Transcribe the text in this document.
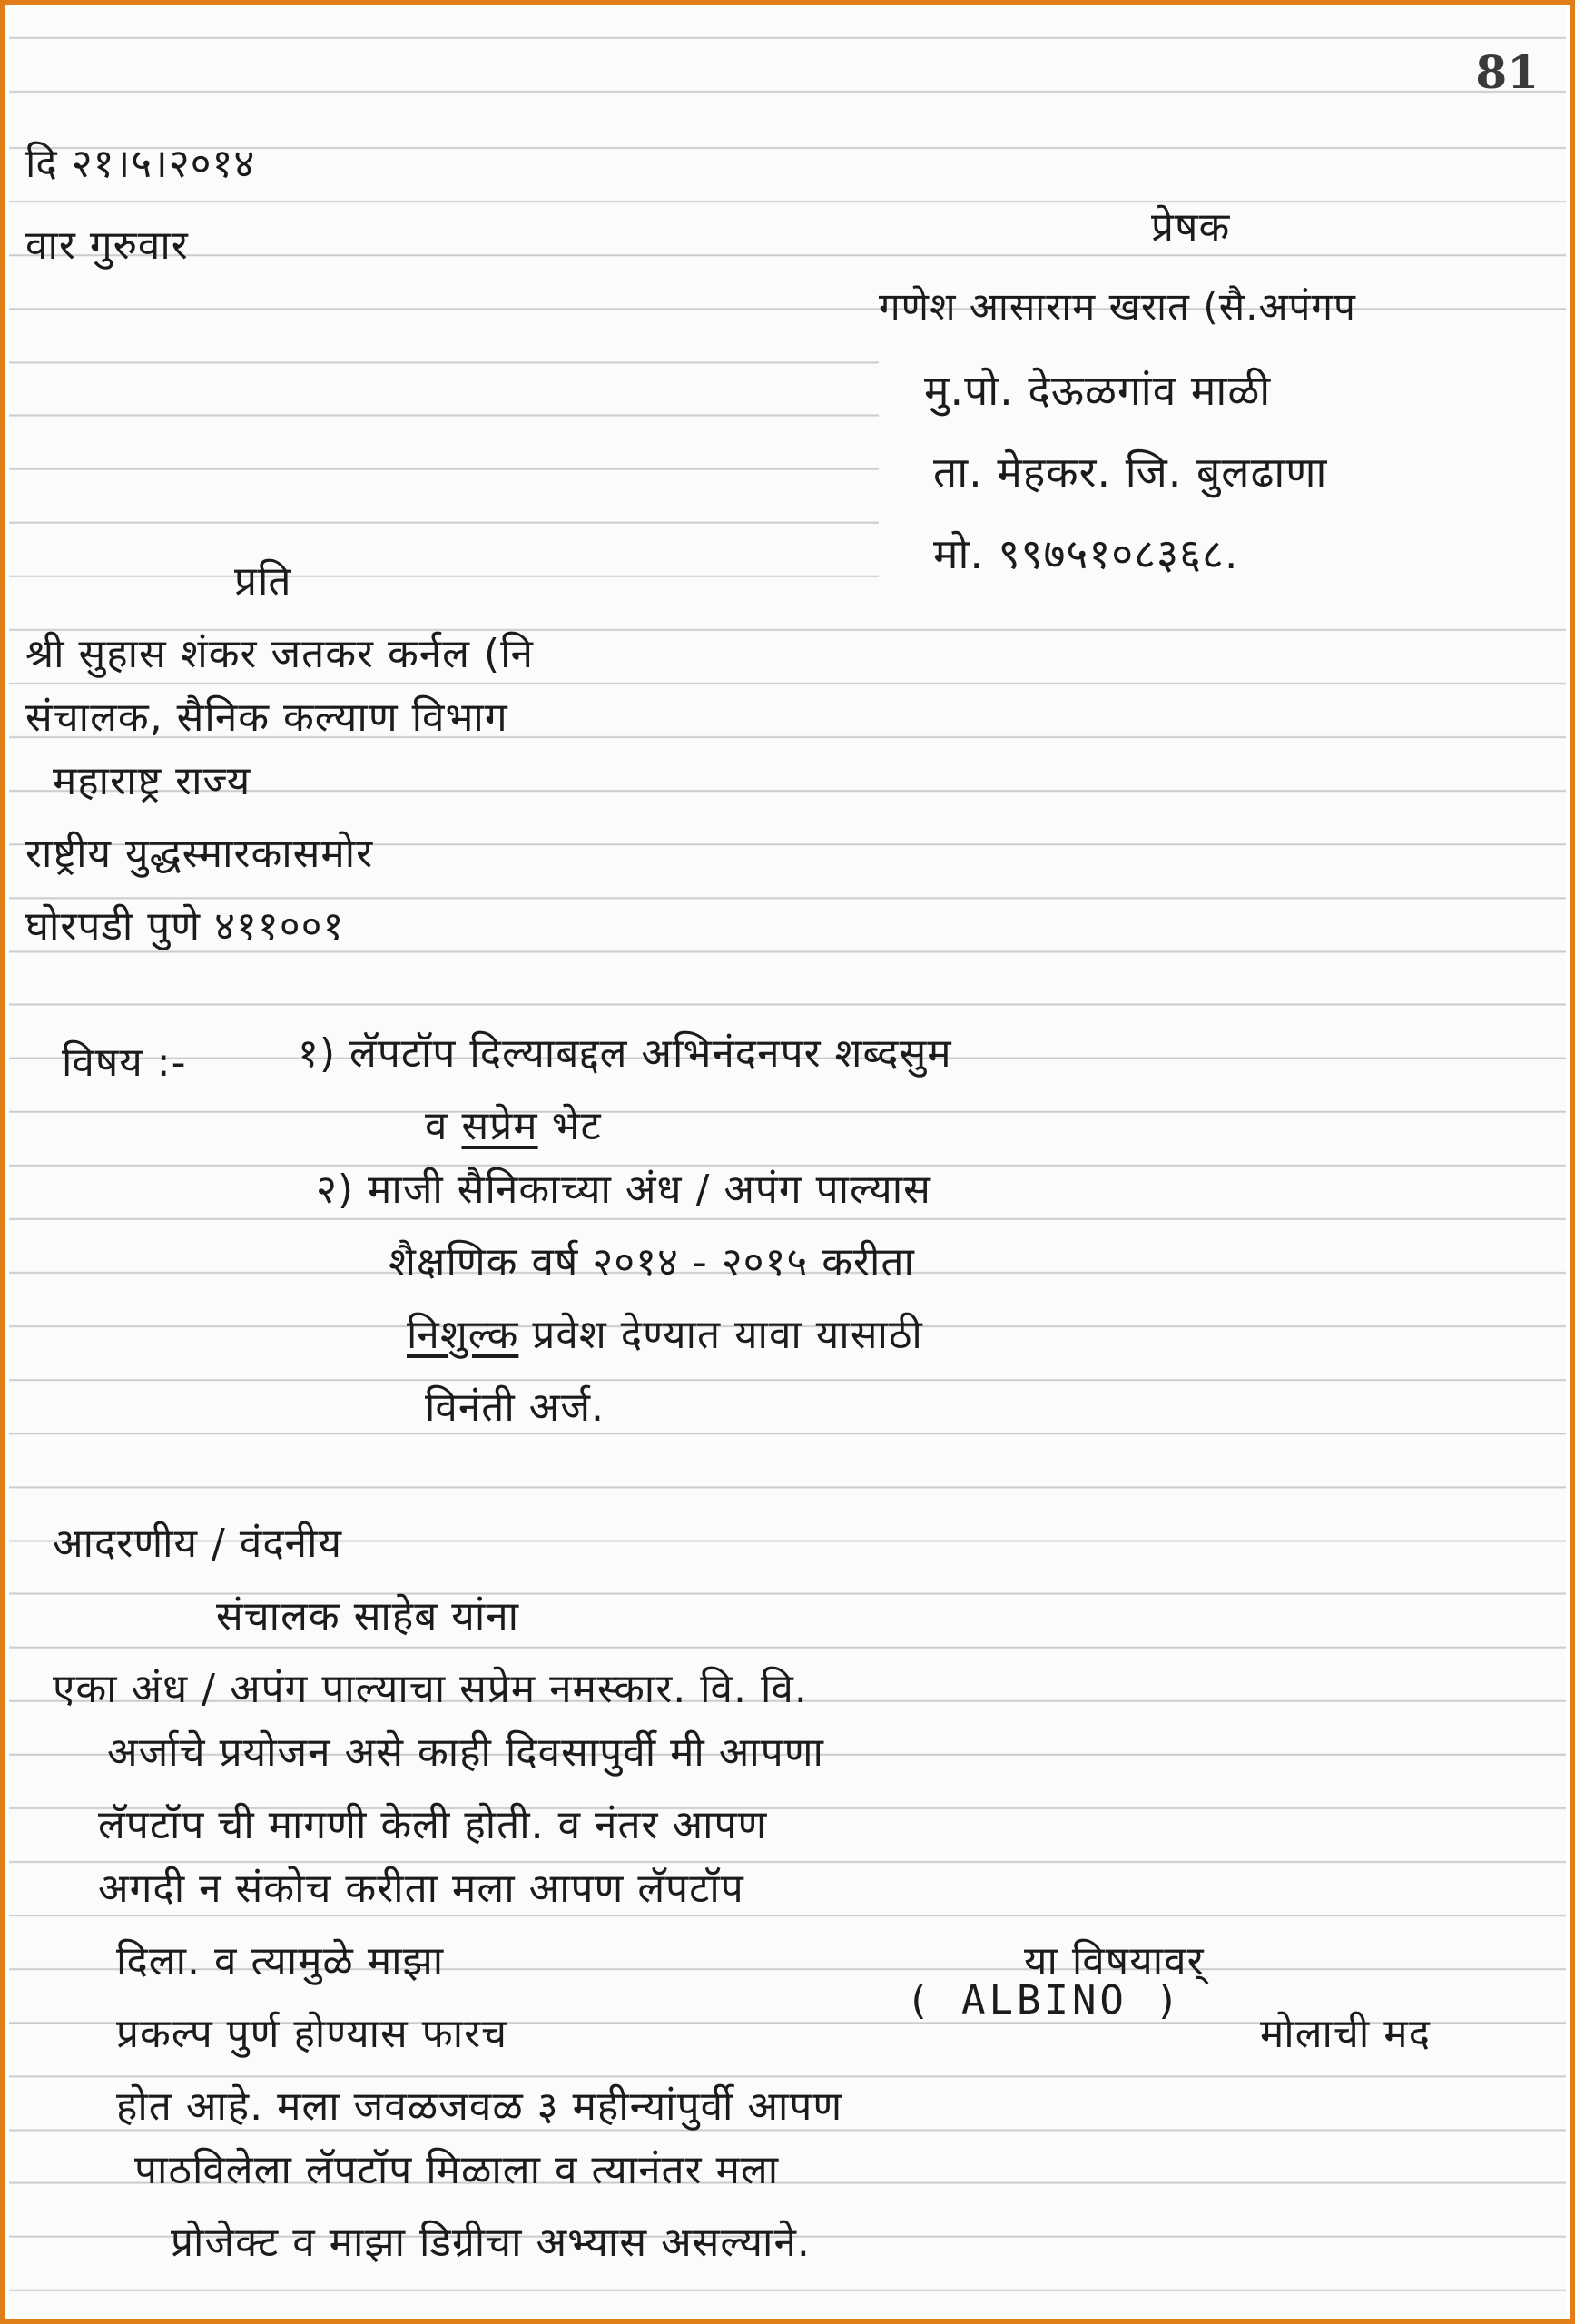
81
दि २१।५।२०१४
वार गुरुवार	प्रेषक
गणेश आसाराम खरात (सै.अपंगप
मु.पो. देऊळगांव माळी
ता. मेहकर. जि. बुलढाणा
मो. ९९७५१०८३६८.
प्रति
श्री सुहास शंकर जतकर कर्नल (नि
संचालक, सैनिक कल्याण विभाग
महाराष्ट्र राज्य
राष्ट्रीय युद्धस्मारकासमोर
घोरपडी पुणे ४११००१
विषय :-	१) लॅपटॉप दिल्याबद्दल अभिनंदनपर शब्दसुम
व सप्रेम भेट
२) माजी सैनिकाच्या अंध / अपंग पाल्यास
शैक्षणिक वर्ष २०१४ - २०१५ करीता
निशुल्क प्रवेश देण्यात यावा यासाठी
विनंती अर्ज.
आदरणीय / वंदनीय
संचालक साहेब यांना
एका अंध / अपंग पाल्याचा सप्रेम नमस्कार. वि. वि.
अर्जाचे प्रयोजन असे काही दिवसापुर्वी मी आपणा
लॅपटॉप ची मागणी केली होती. व नंतर आपण
अगदी न संकोच करीता मला आपण लॅपटॉप
दिला. व त्यामुळे माझा	या विषयावर्
( ALBINO )
प्रकल्प पुर्ण होण्यास फारच	मोलाची मद
होत आहे. मला जवळजवळ ३ महीन्यांपुर्वी आपण
पाठविलेला लॅपटॉप मिळाला व त्यानंतर मला
प्रोजेक्ट व माझा डिग्रीचा अभ्यास असल्याने.
